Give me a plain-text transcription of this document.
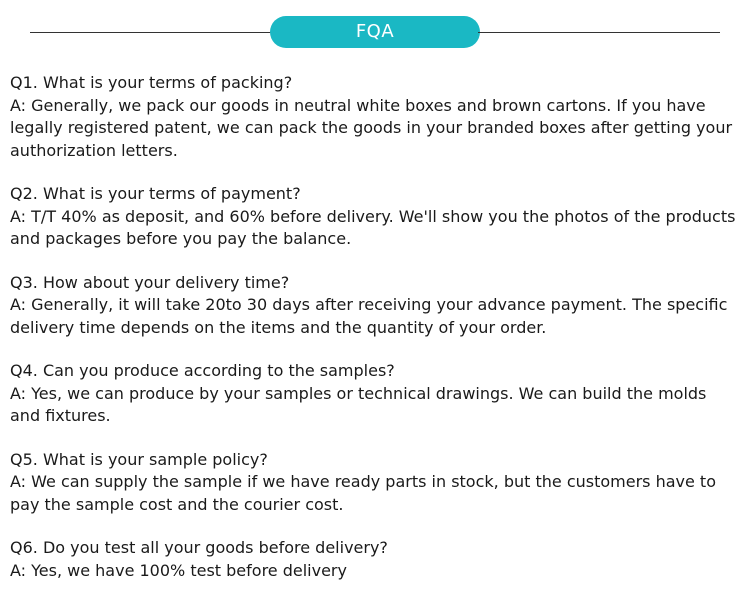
FQA

Q1. What is your terms of packing?

A: Generally, we pack our goods in neutral white boxes and brown cartons. If you have legally registered patent, we can pack the goods in your branded boxes after getting your authorization letters.

Q2. What is your terms of payment?

A: T/T 40% as deposit, and 60% before delivery. We'll show you the photos of the products and packages before you pay the balance.

Q3. How about your delivery time?

A: Generally, it will take 20to 30 days after receiving your advance payment. The specific delivery time depends on the items and the quantity of your order.

Q4. Can you produce according to the samples?

A: Yes, we can produce by your samples or technical drawings. We can build the molds and fixtures.

Q5. What is your sample policy?

A: We can supply the sample if we have ready parts in stock, but the customers have to pay the sample cost and the courier cost.

Q6. Do you test all your goods before delivery?

A: Yes, we have 100% test before delivery
